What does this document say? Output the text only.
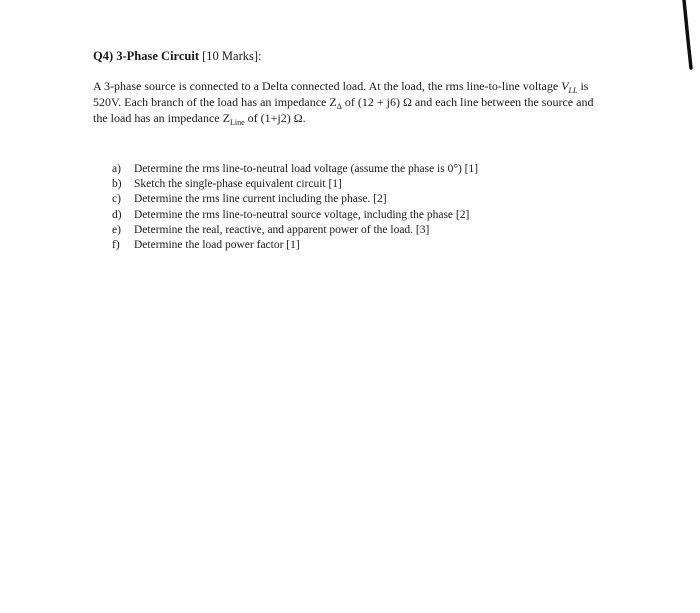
Q4) 3-Phase Circuit [10 Marks]:
A 3-phase source is connected to a Delta connected load. At the load, the rms line-to-line voltage $V_{LL}$ is
520V. Each branch of the load has an impedance $Z_\Delta$ of (12 + j6) Ω and each line between the source and
the load has an impedance $Z_{Line}$ of (1+j2) Ω.
a)	Determine the rms line-to-neutral load voltage (assume the phase is 0°) [1]
b)	Sketch the single-phase equivalent circuit [1]
c)	Determine the rms line current including the phase. [2]
d)	Determine the rms line-to-neutral source voltage, including the phase [2]
e)	Determine the real, reactive, and apparent power of the load. [3]
f)	Determine the load power factor [1]
